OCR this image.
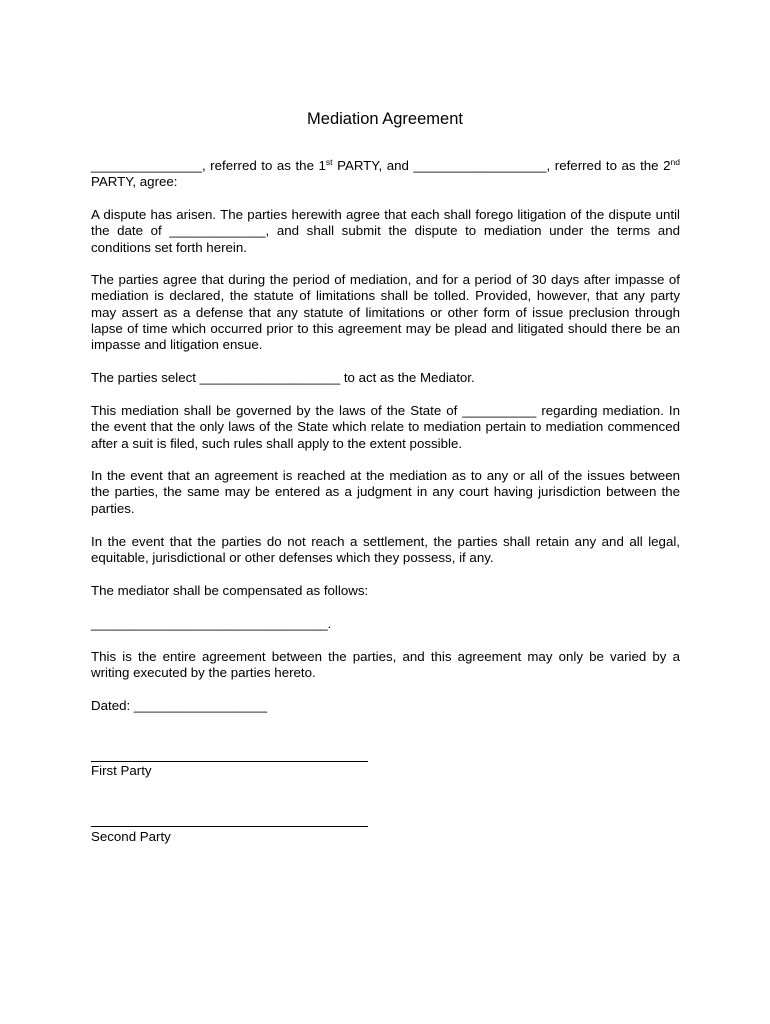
Mediation Agreement

_______________, referred to as the 1st PARTY, and __________________, referred to as the 2nd PARTY, agree:

A dispute has arisen. The parties herewith agree that each shall forego litigation of the dispute until the date of _____________, and shall submit the dispute to mediation under the terms and conditions set forth herein.

The parties agree that during the period of mediation, and for a period of 30 days after impasse of mediation is declared, the statute of limitations shall be tolled. Provided, however, that any party may assert as a defense that any statute of limitations or other form of issue preclusion through lapse of time which occurred prior to this agreement may be plead and litigated should there be an impasse and litigation ensue.

The parties select ___________________ to act as the Mediator.

This mediation shall be governed by the laws of the State of __________ regarding mediation. In the event that the only laws of the State which relate to mediation pertain to mediation commenced after a suit is filed, such rules shall apply to the extent possible.

In the event that an agreement is reached at the mediation as to any or all of the issues between the parties, the same may be entered as a judgment in any court having jurisdiction between the parties.

In the event that the parties do not reach a settlement, the parties shall retain any and all legal, equitable, jurisdictional or other defenses which they possess, if any.

The mediator shall be compensated as follows:

________________________________.

This is the entire agreement between the parties, and this agreement may only be varied by a writing executed by the parties hereto.

Dated: __________________

First Party
Second Party
